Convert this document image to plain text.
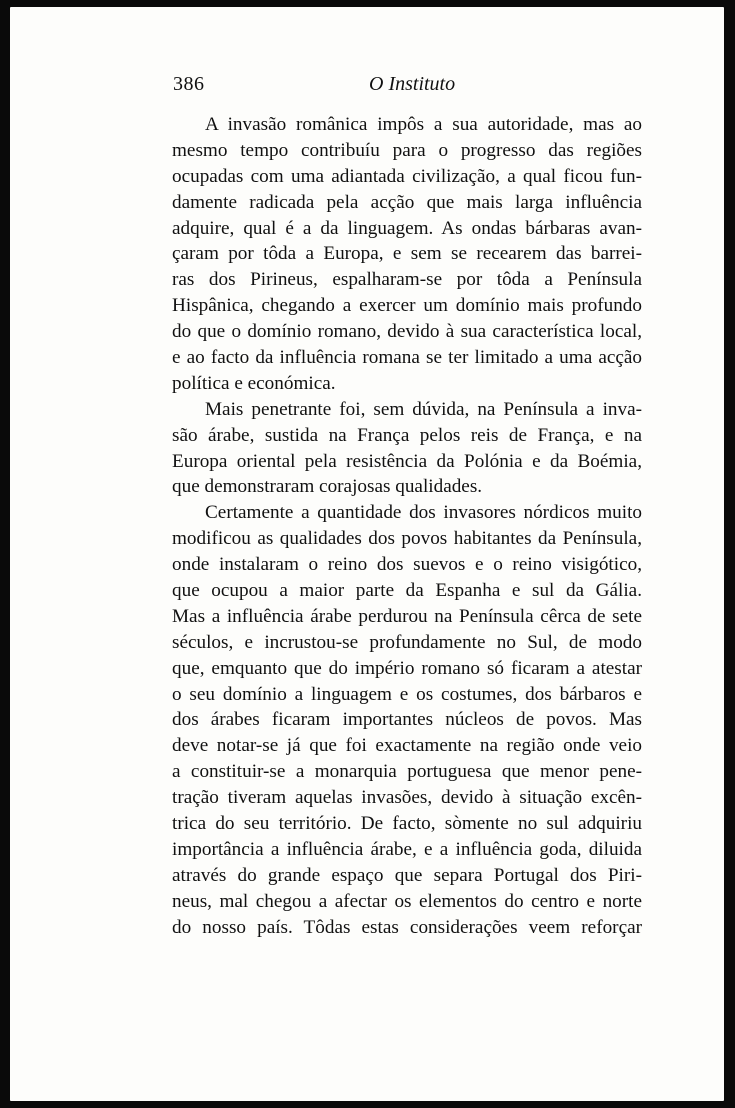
386	O Instituto
A invasão românica impôs a sua autoridade, mas ao
mesmo tempo contribuíu para o progresso das regiões
ocupadas com uma adiantada civilização, a qual ficou fun-
damente radicada pela acção que mais larga influência
adquire, qual é a da linguagem. As ondas bárbaras avan-
çaram por tôda a Europa, e sem se recearem das barrei-
ras dos Pirineus, espalharam-se por tôda a Península
Hispânica, chegando a exercer um domínio mais profundo
do que o domínio romano, devido à sua característica local,
e ao facto da influência romana se ter limitado a uma acção
política e económica.
Mais penetrante foi, sem dúvida, na Península a inva-
são árabe, sustida na França pelos reis de França, e na
Europa oriental pela resistência da Polónia e da Boémia,
que demonstraram corajosas qualidades.
Certamente a quantidade dos invasores nórdicos muito
modificou as qualidades dos povos habitantes da Península,
onde instalaram o reino dos suevos e o reino visigótico,
que ocupou a maior parte da Espanha e sul da Gália.
Mas a influência árabe perdurou na Península cêrca de sete
séculos, e incrustou-se profundamente no Sul, de modo
que, emquanto que do império romano só ficaram a atestar
o seu domínio a linguagem e os costumes, dos bárbaros e
dos árabes ficaram importantes núcleos de povos. Mas
deve notar-se já que foi exactamente na região onde veio
a constituir-se a monarquia portuguesa que menor pene-
tração tiveram aquelas invasões, devido à situação excên-
trica do seu território. De facto, sòmente no sul adquiriu
importância a influência árabe, e a influência goda, diluida
através do grande espaço que separa Portugal dos Piri-
neus, mal chegou a afectar os elementos do centro e norte
do nosso país. Tôdas estas considerações veem reforçar
